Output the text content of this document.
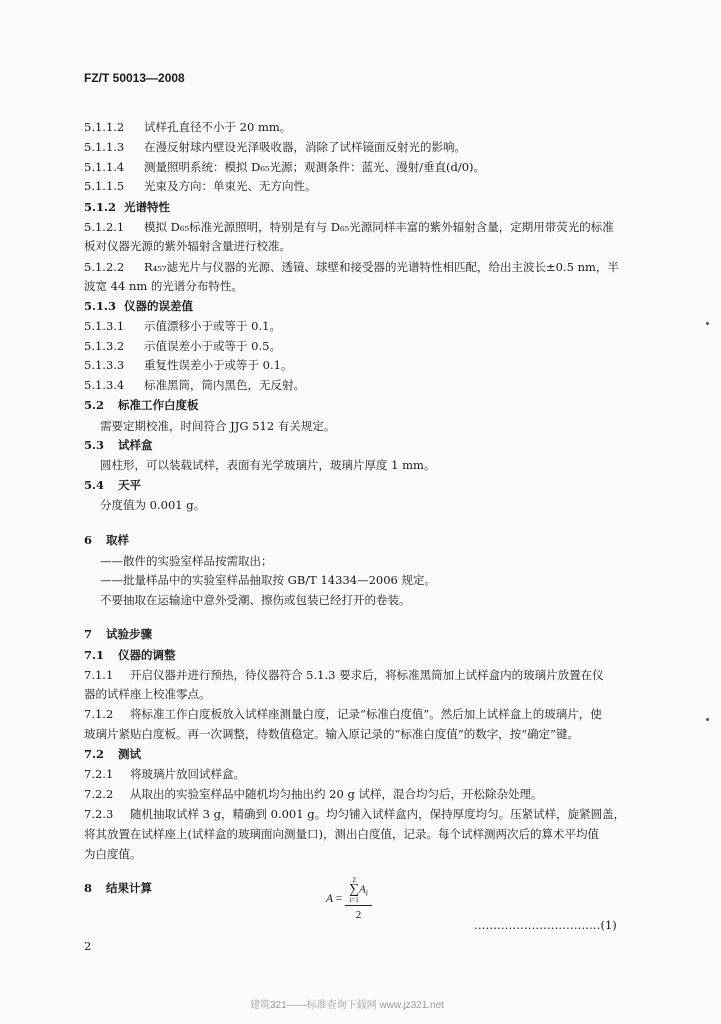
FZ/T 50013—2008
5.1.1.2 试样孔直径不小于 20 mm。
5.1.1.3 在漫反射球内壁设光泽吸收器，消除了试样镜面反射光的影响。
5.1.1.4 测量照明系统：模拟 D₆₅光源；观测条件：蓝光、漫射/垂直(d/0)。
5.1.1.5 光束及方向：单束光、无方向性。
5.1.2 光谱特性
5.1.2.1 模拟 D₆₅标准光源照明，特别是有与 D₆₅光源同样丰富的紫外辐射含量，定期用带荧光的标准
板对仪器光源的紫外辐射含量进行校准。
5.1.2.2 R₄₅₇滤光片与仪器的光源、透镜、球壁和接受器的光谱特性相匹配，给出主波长±0.5 nm，半
波宽 44 nm 的光谱分布特性。
5.1.3 仪器的误差值
5.1.3.1 示值漂移小于或等于 0.1。
5.1.3.2 示值误差小于或等于 0.5。
5.1.3.3 重复性误差小于或等于 0.1。
5.1.3.4 标准黑筒，筒内黑色，无反射。
5.2 标准工作白度板
需要定期校准，时间符合 JJG 512 有关规定。
5.3 试样盒
圆柱形，可以装载试样，表面有光学玻璃片，玻璃片厚度 1 mm。
5.4 天平
分度值为 0.001 g。
6 取样
——散件的实验室样品按需取出；
——批量样品中的实验室样品抽取按 GB/T 14334—2006 规定。
不要抽取在运输途中意外受潮、擦伤或包装已经打开的卷装。
7 试验步骤
7.1 仪器的调整
7.1.1 开启仪器并进行预热，待仪器符合 5.1.3 要求后，将标准黑筒加上试样盒内的玻璃片放置在仪
器的试样座上校准零点。
7.1.2 将标准工作白度板放入试样座测量白度，记录“标准白度值”。然后加上试样盒上的玻璃片，使
玻璃片紧贴白度板。再一次调整，待数值稳定。输入原记录的“标准白度值”的数字，按“确定”键。
7.2 测试
7.2.1 将玻璃片放回试样盒。
7.2.2 从取出的实验室样品中随机均匀抽出约 20 g 试样，混合均匀后，开松除杂处理。
7.2.3 随机抽取试样 3 g，精确到 0.001 g。均匀铺入试样盒内，保持厚度均匀。压紧试样，旋紧圆盖，
将其放置在试样座上(试样盒的玻璃面向测量口)，测出白度值，记录。每个试样测两次后的算术平均值
为白度值。
8 结果计算
A = 2
∑
i=1
$A_i$
2
……………………………(1)
2
建筑321——标准查询下载网 www.jz321.net
